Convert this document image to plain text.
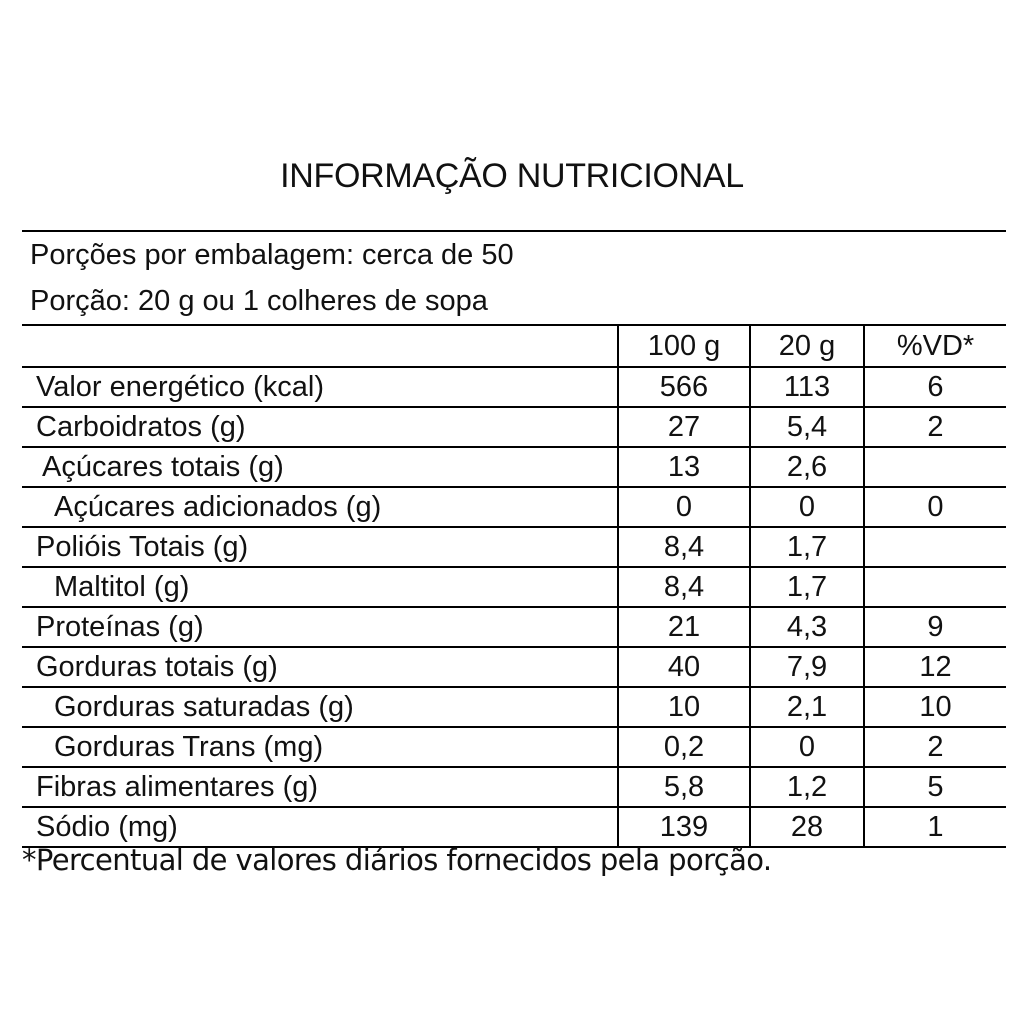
INFORMAÇÃO NUTRICIONAL
Porções por embalagem: cerca de 50
Porção: 20 g ou 1 colheres de sopa
	100 g	20 g	%VD*
Valor energético (kcal)	566	113	6
Carboidratos (g)	27	5,4	2
Açúcares totais (g)	13	2,6	
Açúcares adicionados (g)	0	0	0
Polióis Totais (g)	8,4	1,7	
Maltitol (g)	8,4	1,7	
Proteínas (g)	21	4,3	9
Gorduras totais (g)	40	7,9	12
Gorduras saturadas (g)	10	2,1	10
Gorduras Trans (mg)	0,2	0	2
Fibras alimentares (g)	5,8	1,2	5
Sódio (mg)	139	28	1
*Percentual de valores diários fornecidos pela porção.
